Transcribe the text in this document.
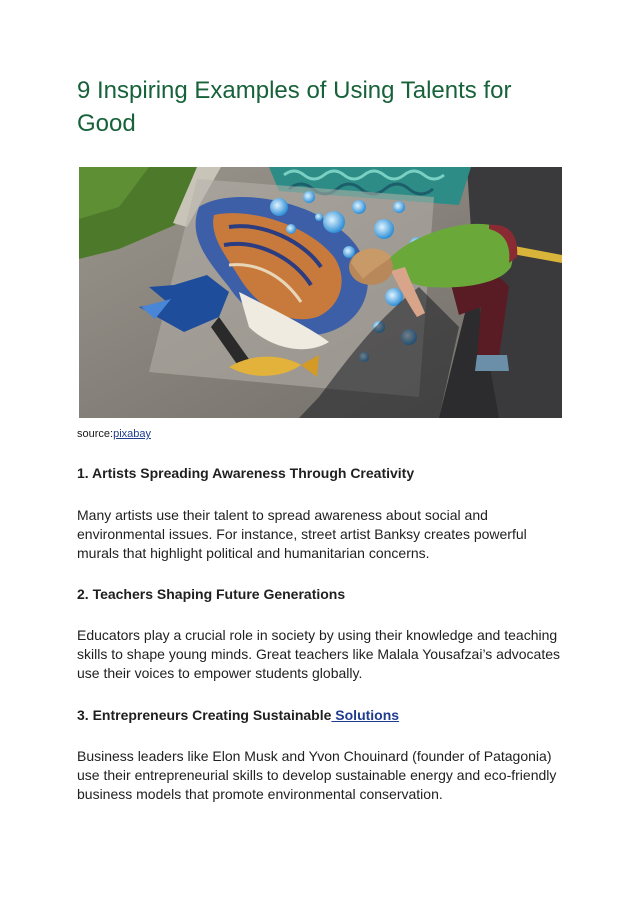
9 Inspiring Examples of Using Talents for Good
source:pixabay
1. Artists Spreading Awareness Through Creativity

Many artists use their talent to spread awareness about social and environmental issues. For instance, street artist Banksy creates powerful murals that highlight political and humanitarian concerns.

2. Teachers Shaping Future Generations

Educators play a crucial role in society by using their knowledge and teaching skills to shape young minds. Great teachers like Malala Yousafzai’s advocates use their voices to empower students globally.

3. Entrepreneurs Creating Sustainable Solutions

Business leaders like Elon Musk and Yvon Chouinard (founder of Patagonia) use their entrepreneurial skills to develop sustainable energy and eco-friendly business models that promote environmental conservation.
